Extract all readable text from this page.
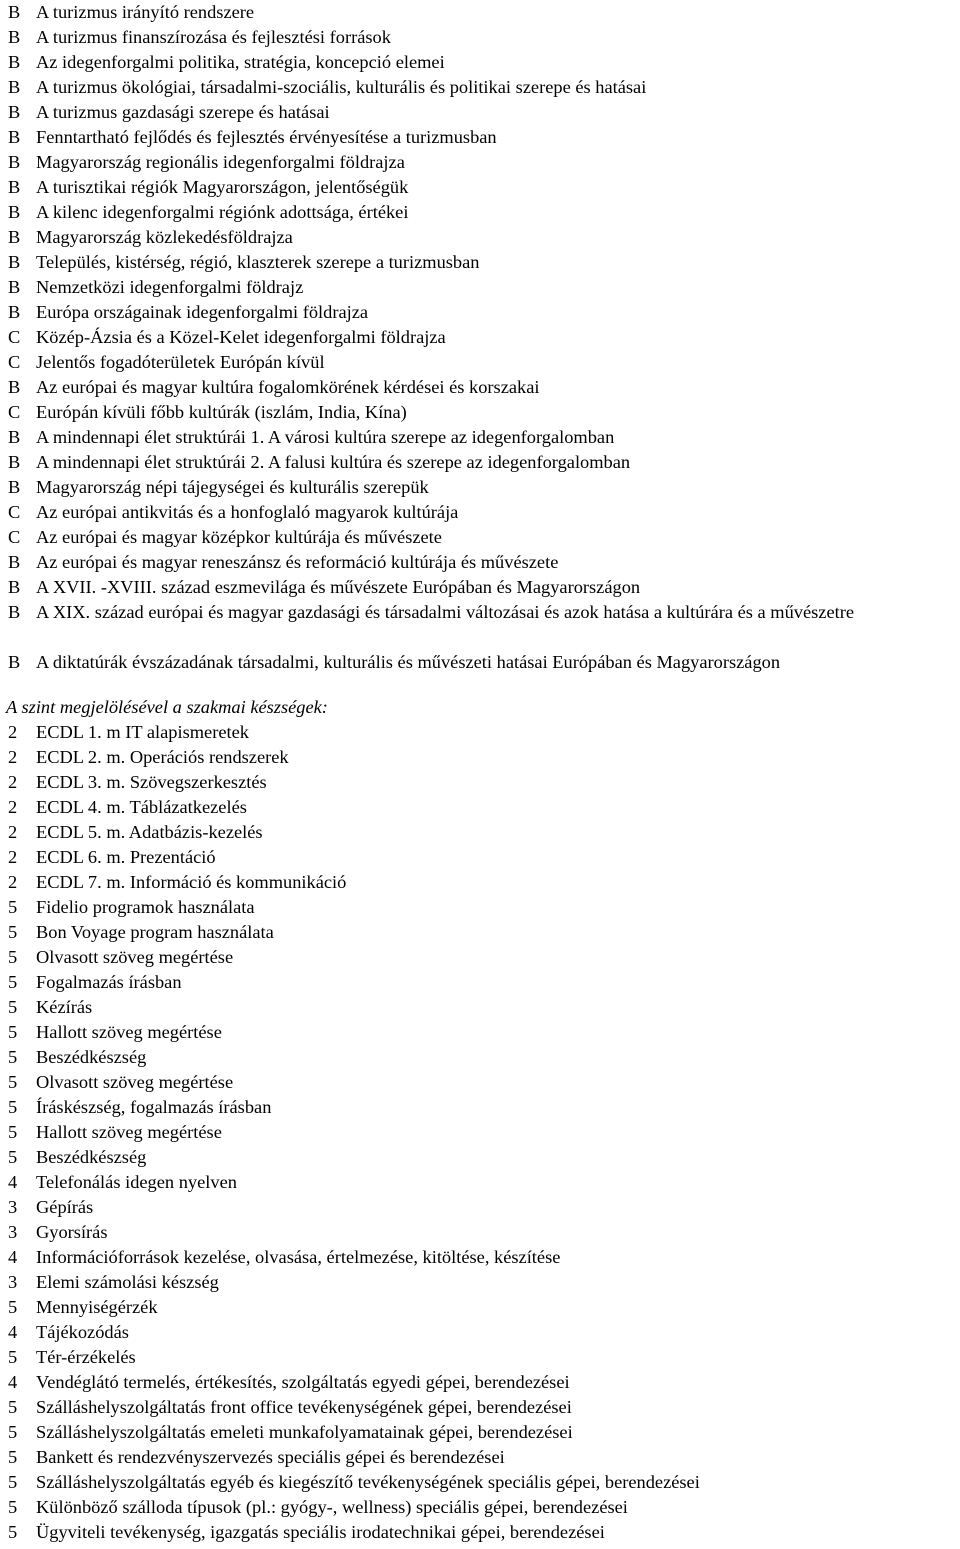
B A turizmus irányító rendszere
B A turizmus finanszírozása és fejlesztési források
B Az idegenforgalmi politika, stratégia, koncepció elemei
B A turizmus ökológiai, társadalmi-szociális, kulturális és politikai szerepe és hatásai
B A turizmus gazdasági szerepe és hatásai
B Fenntartható fejlődés és fejlesztés érvényesítése a turizmusban
B Magyarország regionális idegenforgalmi földrajza
B A turisztikai régiók Magyarországon, jelentőségük
B A kilenc idegenforgalmi régiónk adottsága, értékei
B Magyarország közlekedésföldrajza
B Település, kistérség, régió, klaszterek szerepe a turizmusban
B Nemzetközi idegenforgalmi földrajz
B Európa országainak idegenforgalmi földrajza
C Közép-Ázsia és a Közel-Kelet idegenforgalmi földrajza
C Jelentős fogadóterületek Európán kívül
B Az európai és magyar kultúra fogalomkörének kérdései és korszakai
C Európán kívüli főbb kultúrák (iszlám, India, Kína)
B A mindennapi élet struktúrái 1. A városi kultúra szerepe az idegenforgalomban
B A mindennapi élet struktúrái 2. A falusi kultúra és szerepe az idegenforgalomban
B Magyarország népi tájegységei és kulturális szerepük
C Az európai antikvitás és a honfoglaló magyarok kultúrája
C Az európai és magyar középkor kultúrája és művészete
B Az európai és magyar reneszánsz és reformáció kultúrája és művészete
B A XVII. -XVIII. század eszmevilága és művészete Európában és Magyarországon
B A XIX. század európai és magyar gazdasági és társadalmi változásai és azok hatása a kultúrára és a művészetre
B A diktatúrák évszázadának társadalmi, kulturális és művészeti hatásai Európában és Magyarországon
A szint megjelölésével a szakmai készségek:
2	ECDL 1. m IT alapismeretek
2	ECDL 2. m. Operációs rendszerek
2	ECDL 3. m. Szövegszerkesztés
2	ECDL 4. m. Táblázatkezelés
2	ECDL 5. m. Adatbázis-kezelés
2	ECDL 6. m. Prezentáció
2	ECDL 7. m. Információ és kommunikáció
5	Fidelio programok használata
5	Bon Voyage program használata
5	Olvasott szöveg megértése
5	Fogalmazás írásban
5	Kézírás
5	Hallott szöveg megértése
5	Beszédkészség
5	Olvasott szöveg megértése
5	Íráskészség, fogalmazás írásban
5	Hallott szöveg megértése
5	Beszédkészség
4	Telefonálás idegen nyelven
3	Gépírás
3	Gyorsírás
4	Információforrások kezelése, olvasása, értelmezése, kitöltése, készítése
3	Elemi számolási készség
5	Mennyiségérzék
4	Tájékozódás
5	Tér-érzékelés
4	Vendéglátó termelés, értékesítés, szolgáltatás egyedi gépei, berendezései
5	Szálláshelyszolgáltatás front office tevékenységének gépei, berendezései
5	Szálláshelyszolgáltatás emeleti munkafolyamatainak gépei, berendezései
5	Bankett és rendezvényszervezés speciális gépei és berendezései
5	Szálláshelyszolgáltatás egyéb és kiegészítő tevékenységének speciális gépei, berendezései
5	Különböző szálloda típusok (pl.: gyógy-, wellness) speciális gépei, berendezései
5	Ügyviteli tevékenység, igazgatás speciális irodatechnikai gépei, berendezései
